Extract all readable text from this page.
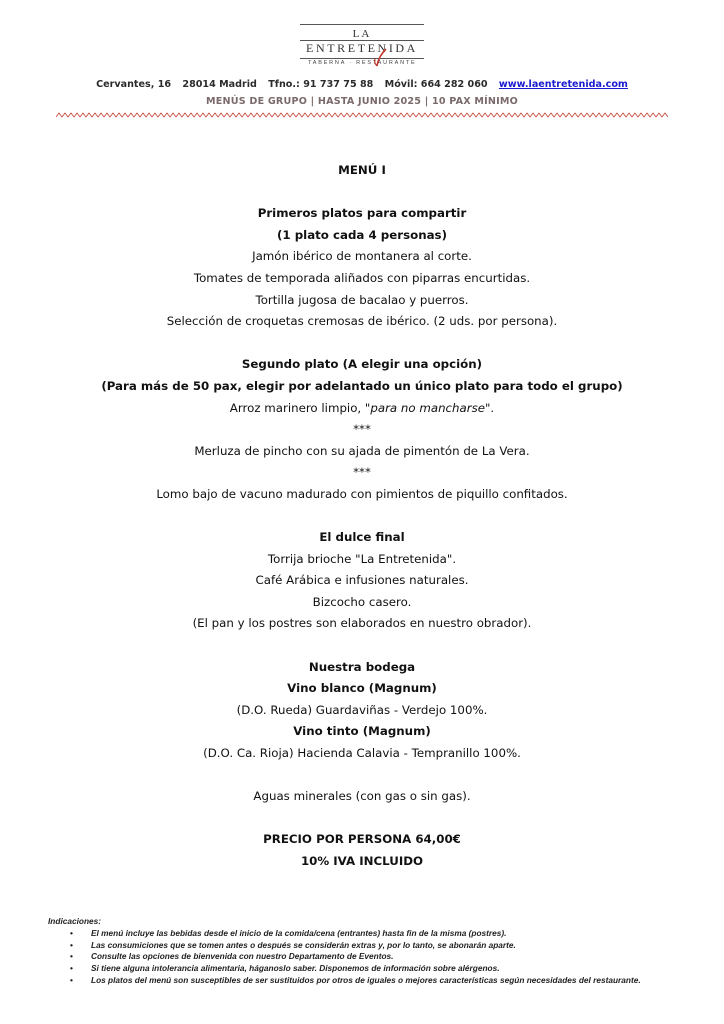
LA
ENTRETENIDA
TABERNA · RESTAURANTE
Cervantes, 16 28014 Madrid Tfno.: 91 737 75 88 Móvil: 664 282 060 www.laentretenida.com
MENÚS DE GRUPO | HASTA JUNIO 2025 | 10 PAX MÍNIMO
MENÚ I
Primeros platos para compartir
(1 plato cada 4 personas)
Jamón ibérico de montanera al corte.
Tomates de temporada aliñados con piparras encurtidas.
Tortilla jugosa de bacalao y puerros.
Selección de croquetas cremosas de ibérico. (2 uds. por persona).
Segundo plato (A elegir una opción)
(Para más de 50 pax, elegir por adelantado un único plato para todo el grupo)
Arroz marinero limpio, "para no mancharse".
***
Merluza de pincho con su ajada de pimentón de La Vera.
***
Lomo bajo de vacuno madurado con pimientos de piquillo confitados.
El dulce final
Torrija brioche "La Entretenida".
Café Arábica e infusiones naturales.
Bizcocho casero.
(El pan y los postres son elaborados en nuestro obrador).
Nuestra bodega
Vino blanco (Magnum)
(D.O. Rueda) Guardaviñas - Verdejo 100%.
Vino tinto (Magnum)
(D.O. Ca. Rioja) Hacienda Calavia - Tempranillo 100%.
Aguas minerales (con gas o sin gas).
PRECIO POR PERSONA 64,00€
10% IVA INCLUIDO
Indicaciones:
• El menú incluye las bebidas desde el inicio de la comida/cena (entrantes) hasta fin de la misma (postres).
• Las consumiciones que se tomen antes o después se considerán extras y, por lo tanto, se abonarán aparte.
• Consulte las opciones de bienvenida con nuestro Departamento de Eventos.
• Si tiene alguna intolerancia alimentaria, háganoslo saber. Disponemos de información sobre alérgenos.
• Los platos del menú son susceptibles de ser sustituidos por otros de iguales o mejores características según necesidades del restaurante.
